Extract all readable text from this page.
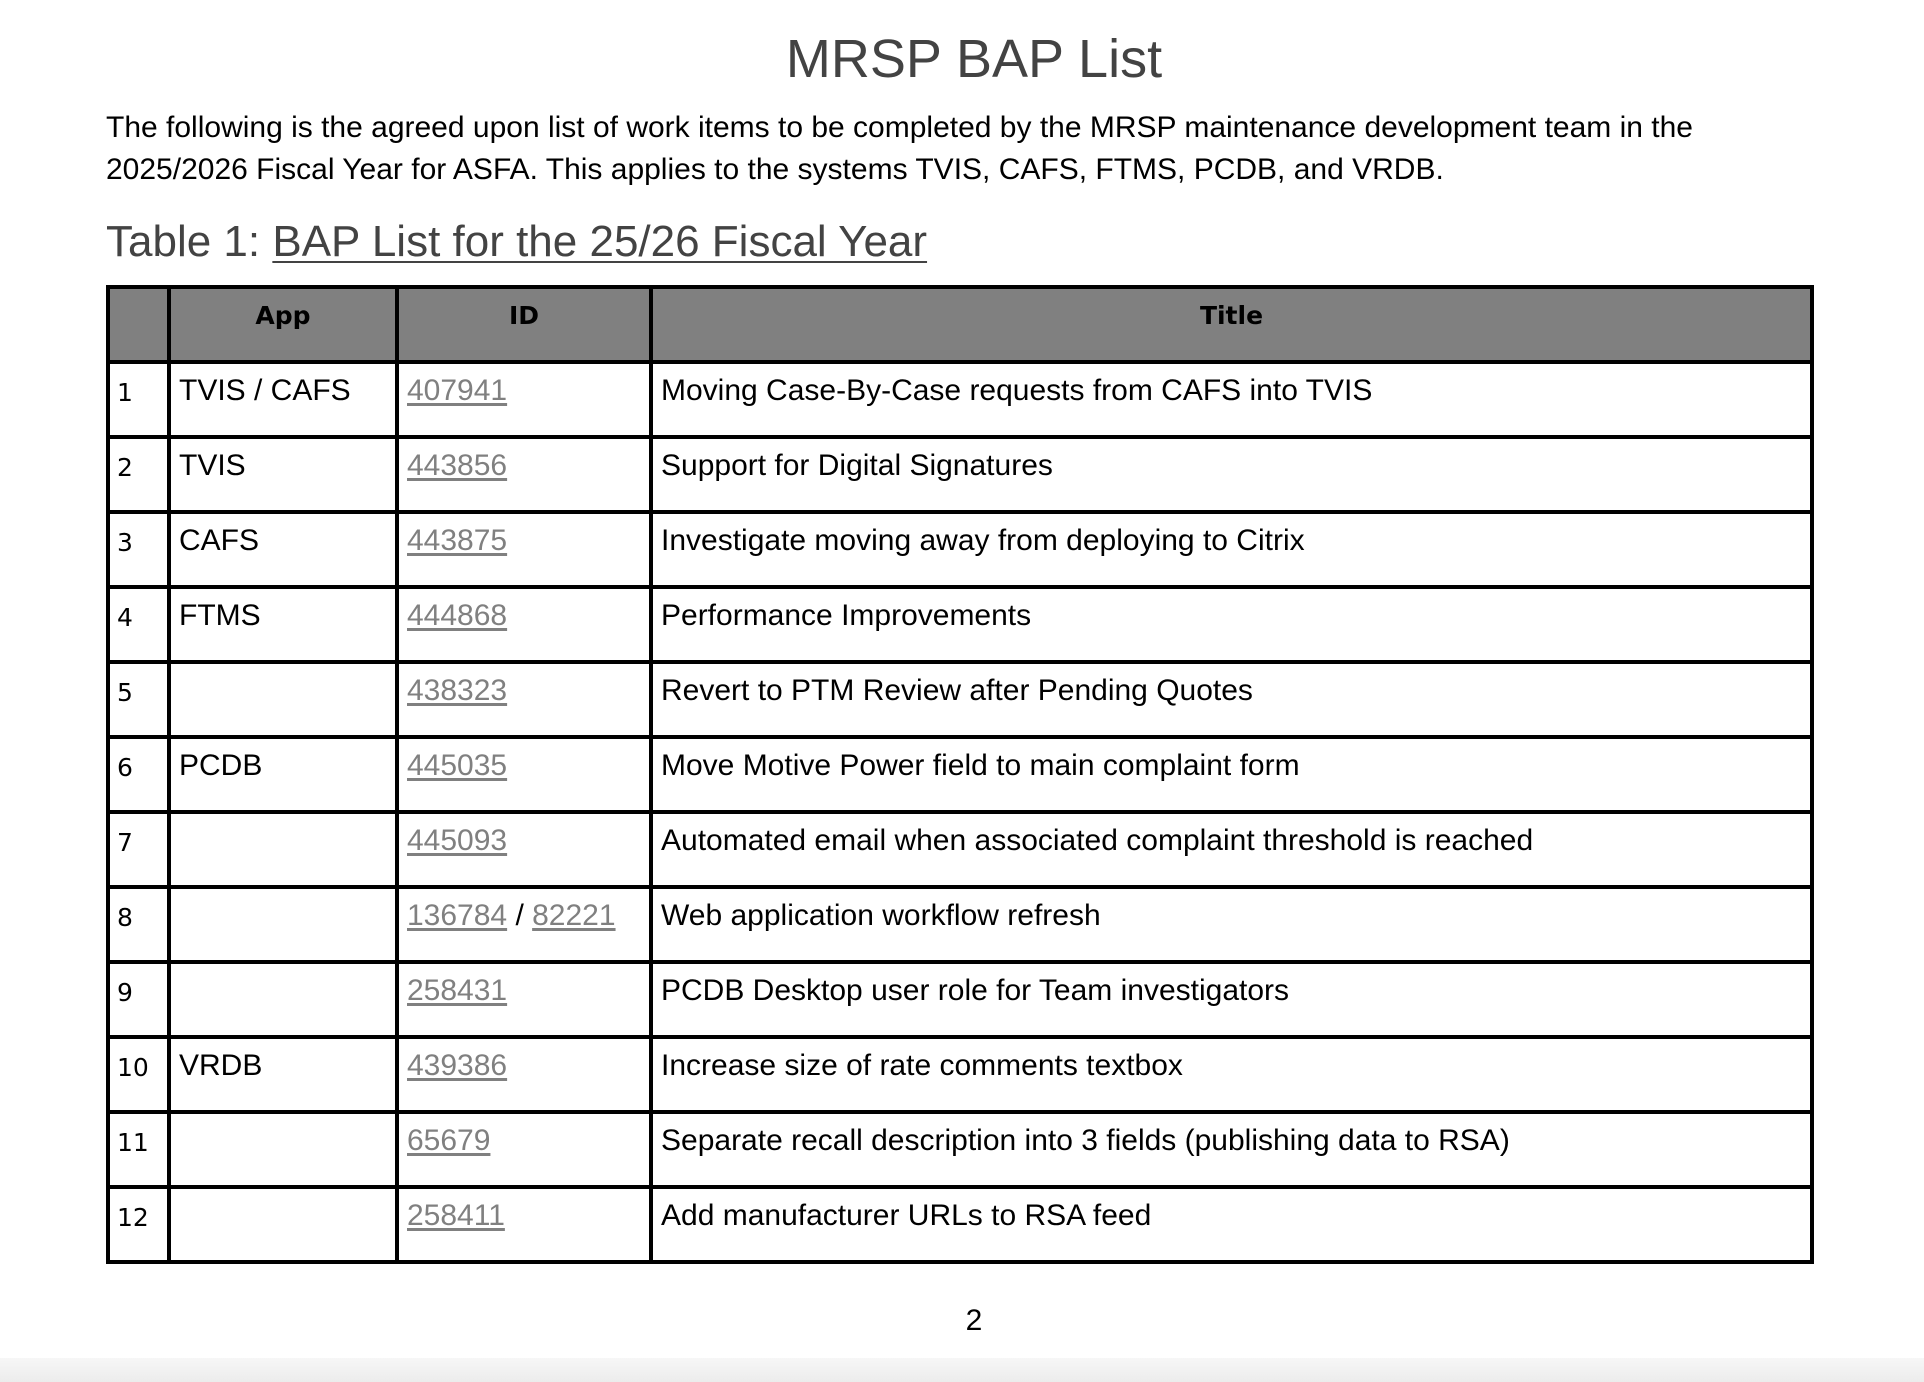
MRSP BAP List
The following is the agreed upon list of work items to be completed by the MRSP maintenance development team in the 2025/2026 Fiscal Year for ASFA. This applies to the systems TVIS, CAFS, FTMS, PCDB, and VRDB.
Table 1: BAP List for the 25/26 Fiscal Year
	App	ID	Title
1	TVIS / CAFS	407941	Moving Case-By-Case requests from CAFS into TVIS
2	TVIS	443856	Support for Digital Signatures
3	CAFS	443875	Investigate moving away from deploying to Citrix
4	FTMS	444868	Performance Improvements
5		438323	Revert to PTM Review after Pending Quotes
6	PCDB	445035	Move Motive Power field to main complaint form
7		445093	Automated email when associated complaint threshold is reached
8		136784 / 82221	Web application workflow refresh
9		258431	PCDB Desktop user role for Team investigators
10	VRDB	439386	Increase size of rate comments textbox
11		65679	Separate recall description into 3 fields (publishing data to RSA)
12		258411	Add manufacturer URLs to RSA feed
2
